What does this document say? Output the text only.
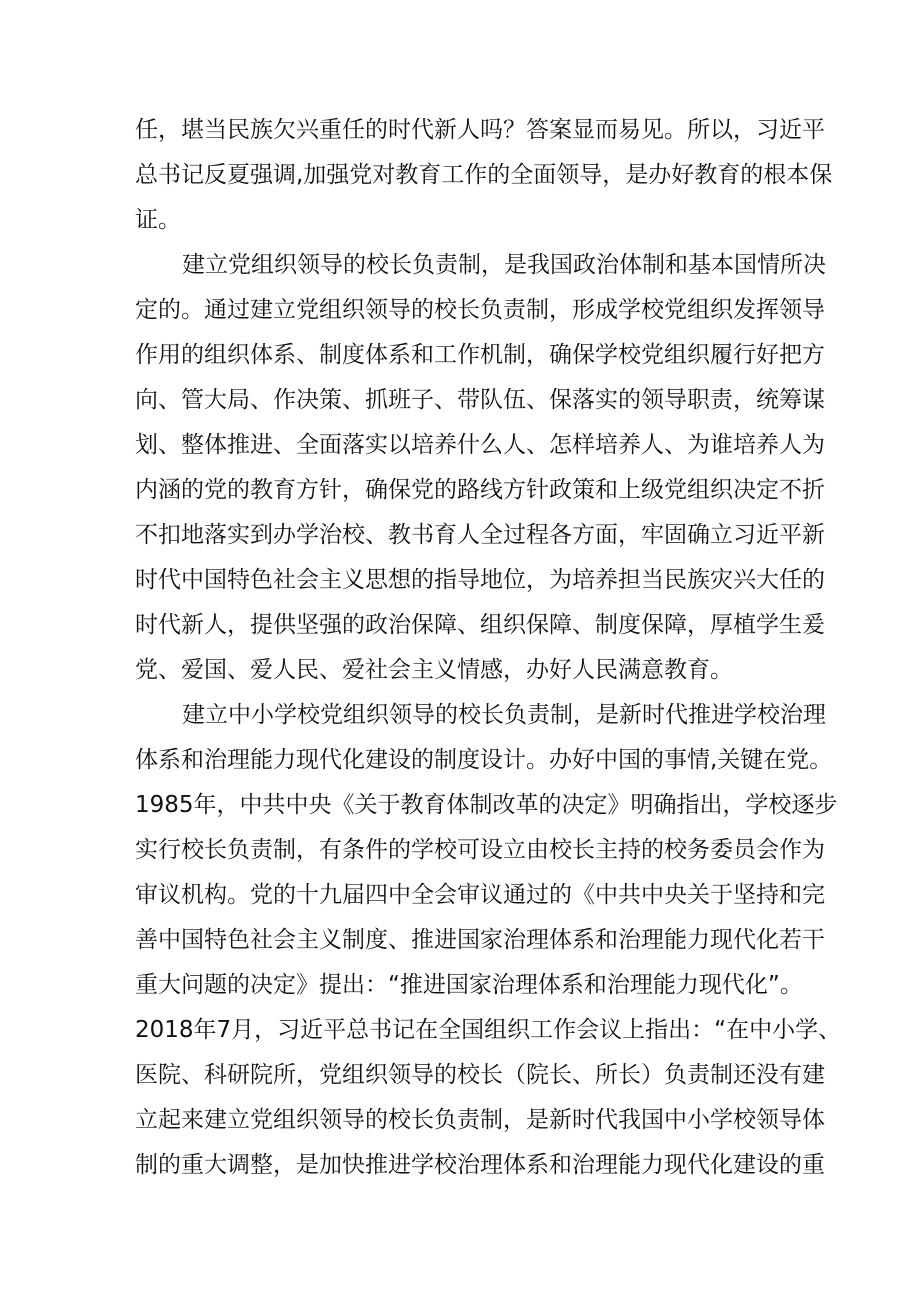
任，堪当民族欠兴重任的时代新人吗？答案显而易见。所以，习近平
总书记反夏强调,加强党对教育工作的全面领导，是办好教育的根本保
证。
建立党组织领导的校长负责制，是我国政治体制和基本国情所决
定的。通过建立党组织领导的校长负责制，形成学校党组织发挥领导
作用的组织体系、制度体系和工作机制，确保学校党组织履行好把方
向、管大局、作决策、抓班子、带队伍、保落实的领导职责，统筹谋
划、整体推进、全面落实以培养什么人、怎样培养人、为谁培养人为
内涵的党的教育方针，确保党的路线方针政策和上级党组织决定不折
不扣地落实到办学治校、教书育人全过程各方面，牢固确立习近平新
时代中国特色社会主义思想的指导地位，为培养担当民族灾兴大任的
时代新人，提供坚强的政治保障、组织保障、制度保障，厚植学生爰
党、爱国、爱人民、爱社会主义情感，办好人民满意教育。
建立中小学校党组织领导的校长负责制，是新时代推进学校治理
体系和治理能力现代化建设的制度设计。办好中国的事情,关键在党。
1985年，中共中央《关于教育体制改革的决定》明确指出，学校逐步
实行校长负责制，有条件的学校可设立由校长主持的校务委员会作为
审议机构。党的十九届四中全会审议通过的《中共中央关于坚持和完
善中国特色社会主义制度、推进国家治理体系和治理能力现代化若干
重大问题的决定》提出：“推进国家治理体系和治理能力现代化”。
2018年7月，习近平总书记在全国组织工作会议上指出：“在中小学、
医院、科研院所，党组织领导的校长（院长、所长）负责制还没有建
立起来建立党组织领导的校长负责制，是新时代我国中小学校领导体
制的重大调整，是加快推进学校治理体系和治理能力现代化建设的重
